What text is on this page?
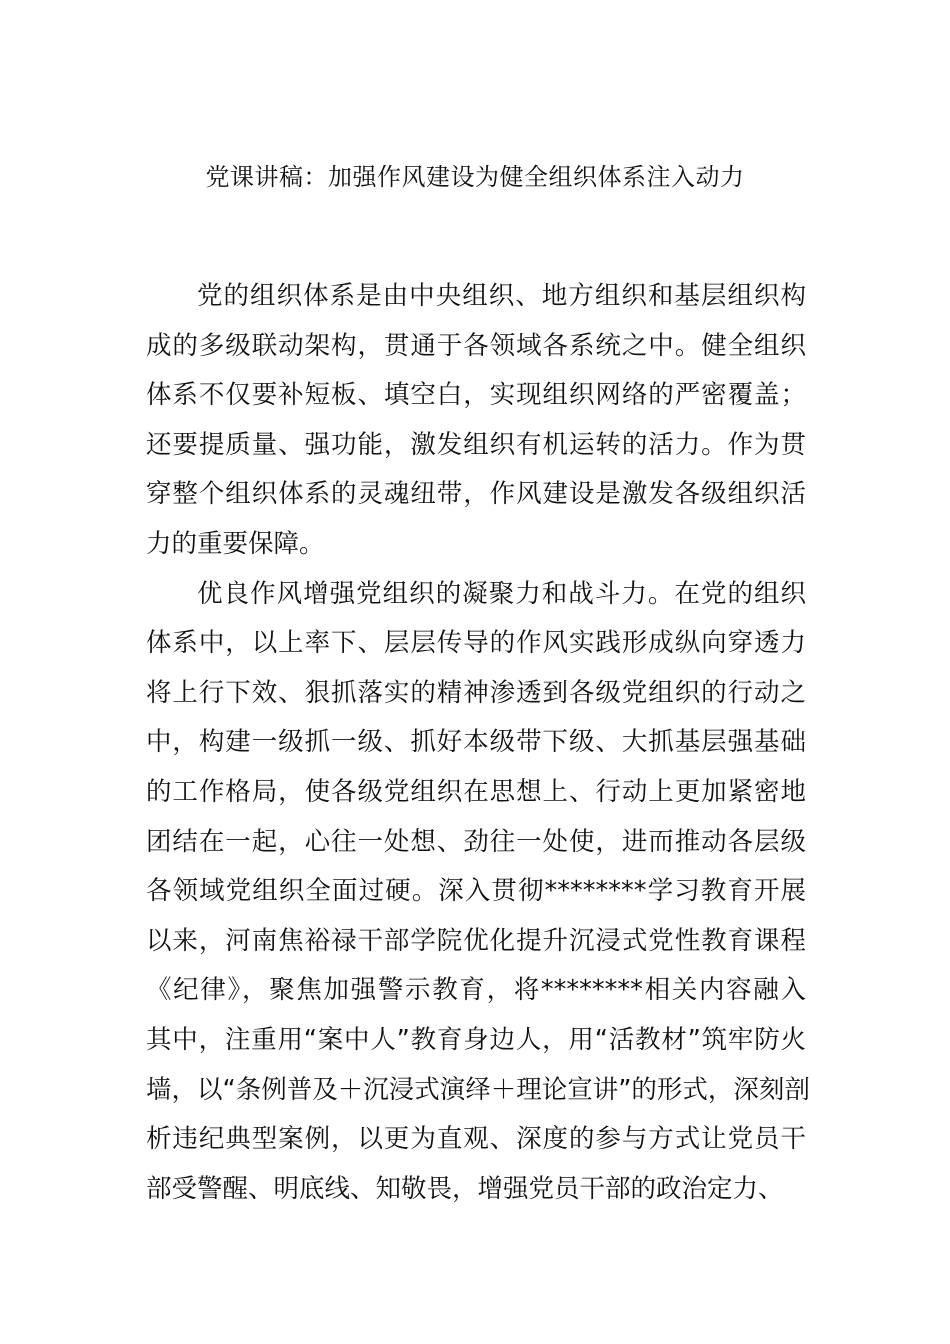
党课讲稿：加强作风建设为健全组织体系注入动力
党的组织体系是由中央组织、地方组织和基层组织构
成的多级联动架构，贯通于各领域各系统之中。健全组织
体系不仅要补短板、填空白，实现组织网络的严密覆盖；
还要提质量、强功能，激发组织有机运转的活力。作为贯
穿整个组织体系的灵魂纽带，作风建设是激发各级组织活
力的重要保障。
优良作风增强党组织的凝聚力和战斗力。在党的组织
体系中，以上率下、层层传导的作风实践形成纵向穿透力
将上行下效、狠抓落实的精神渗透到各级党组织的行动之
中，构建一级抓一级、抓好本级带下级、大抓基层强基础
的工作格局，使各级党组织在思想上、行动上更加紧密地
团结在一起，心往一处想、劲往一处使，进而推动各层级
各领域党组织全面过硬。深入贯彻********学习教育开展
以来，河南焦裕禄干部学院优化提升沉浸式党性教育课程
《纪律》，聚焦加强警示教育，将********相关内容融入
其中，注重用“案中人”教育身边人，用“活教材”筑牢防火
墙，以“条例普及＋沉浸式演绎＋理论宣讲”的形式，深刻剖
析违纪典型案例，以更为直观、深度的参与方式让党员干
部受警醒、明底线、知敬畏，增强党员干部的政治定力、
